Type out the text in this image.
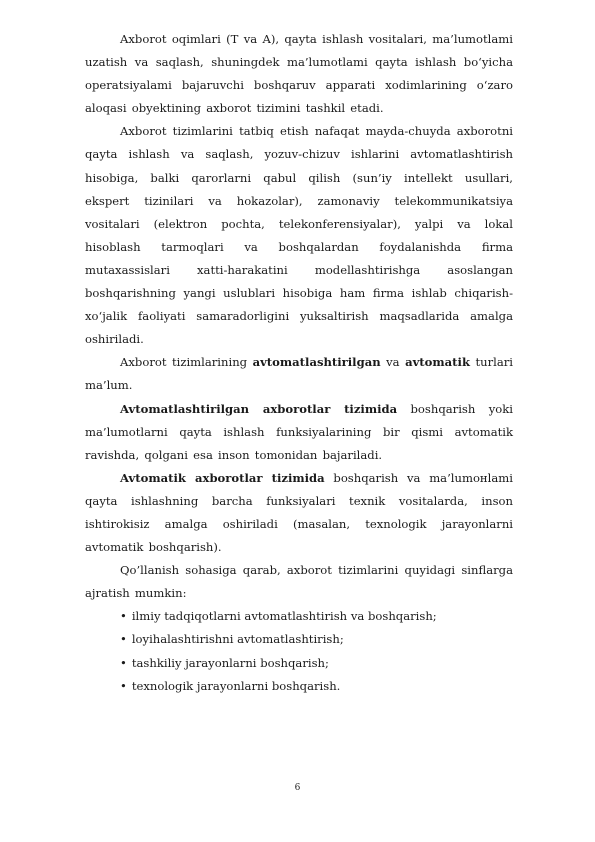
Axborot oqimlari (T va A), qayta ishlash vositalari, ma’lumotlami uzatish va saqlash, shuningdek ma’lumotlami qayta ishlash bo‘yicha operatsiyalami bajaruvchi boshqaruv apparati xodimlarining o‘zaro aloqasi obyektining axborot tizimini tashkil etadi.

Axborot tizimlarini tatbiq etish nafaqat mayda-chuyda axborotni qayta ishlash va saqlash, yozuv-chizuv ishlarini avtomatlashtirish hisobiga, balki qarorlarni qabul qilish (sun’iy intellekt usullari, ekspert tizinilari va hokazolar), zamonaviy telekommunikatsiya vositalari (elektron pochta, telekonferensiyalar), yalpi va lokal hisoblash tarmoqlari va boshqalardan foydalanishda firma mutaxassislari xatti-harakatini modellashtirishga asoslangan boshqarishning yangi uslublari hisobiga ham firma ishlab chiqarish-xo‘jalik faoliyati samaradorligini yuksaltirish maqsadlarida amalga oshiriladi.

Axborot tizimlarining avtomatlashtirilgan va avtomatik turlari ma’lum.

Avtomatlashtirilgan axborotlar tizimida boshqarish yoki ma’lumotlarni qayta ishlash funksiyalarining bir qismi avtomatik ravishda, qolgani esa inson tomonidan bajariladi.

Avtomatik axborotlar tizimida boshqarish va ma’lumoнlami qayta ishlashning barcha funksiyalari texnik vositalarda, inson ishtirokisiz amalga oshiriladi (masalan, texnologik jarayonlarni avtomatik boshqarish).

Qo’llanish sohasiga qarab, axborot tizimlarini quyidagi sinflarga ajratish mumkin:

• ilmiy tadqiqotlarni avtomatlashtirish va boshqarish;
• loyihalashtirishni avtomatlashtirish;
• tashkiliy jarayonlarni boshqarish;
• texnologik jarayonlarni boshqarish.
6
